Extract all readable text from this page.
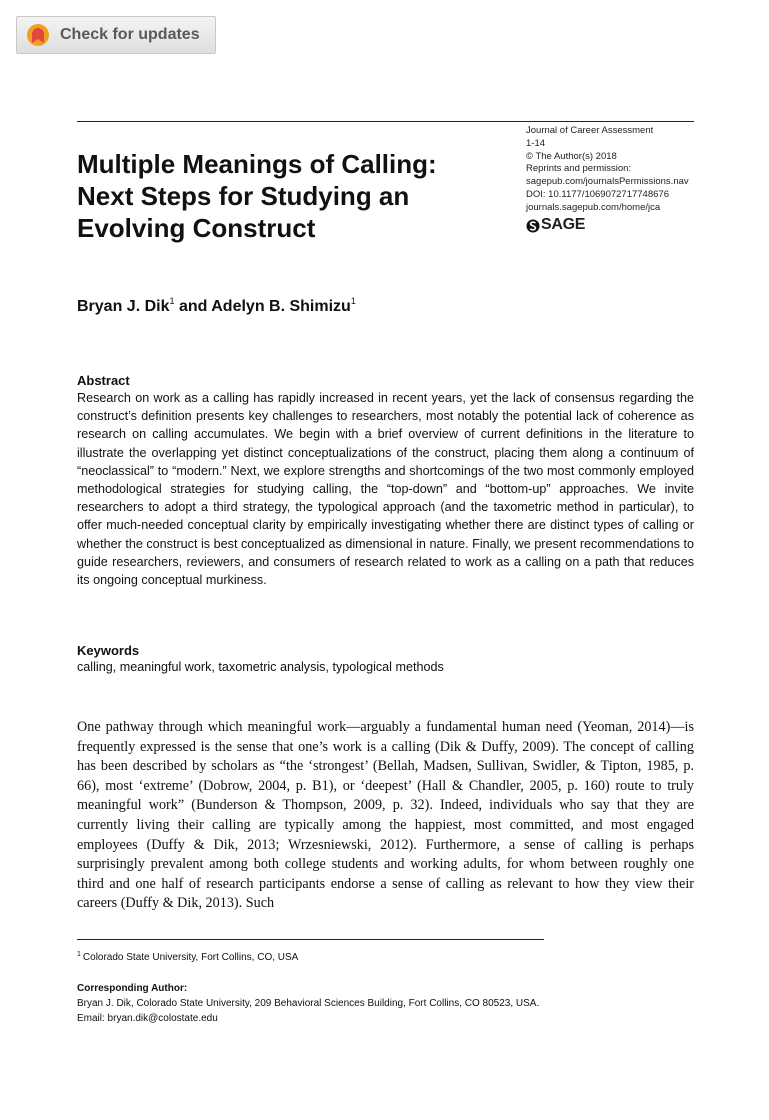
Check for updates
Multiple Meanings of Calling: Next Steps for Studying an Evolving Construct
Journal of Career Assessment
1-14
© The Author(s) 2018
Reprints and permission:
sagepub.com/journalsPermissions.nav
DOI: 10.1177/1069072717748676
journals.sagepub.com/home/jca
SAGE
Bryan J. Dik$^1$ and Adelyn B. Shimizu$^1$
Abstract
Research on work as a calling has rapidly increased in recent years, yet the lack of consensus regarding the construct’s definition presents key challenges to researchers, most notably the potential lack of coherence as research on calling accumulates. We begin with a brief overview of current definitions in the literature to illustrate the overlapping yet distinct conceptualizations of the construct, placing them along a continuum of “neoclassical” to “modern.” Next, we explore strengths and shortcomings of the two most commonly employed methodological strategies for studying calling, the “top-down” and “bottom-up” approaches. We invite researchers to adopt a third strategy, the typological approach (and the taxometric method in particular), to offer much-needed conceptual clarity by empirically investigating whether there are distinct types of calling or whether the construct is best conceptualized as dimensional in nature. Finally, we present recommendations to guide researchers, reviewers, and consumers of research related to work as a calling on a path that reduces its ongoing conceptual murkiness.
Keywords
calling, meaningful work, taxometric analysis, typological methods
One pathway through which meaningful work—arguably a fundamental human need (Yeoman, 2014)—is frequently expressed is the sense that one’s work is a calling (Dik & Duffy, 2009). The concept of calling has been described by scholars as “the ‘strongest’ (Bellah, Madsen, Sullivan, Swidler, & Tipton, 1985, p. 66), most ‘extreme’ (Dobrow, 2004, p. B1), or ‘deepest’ (Hall & Chandler, 2005, p. 160) route to truly meaningful work” (Bunderson & Thompson, 2009, p. 32). Indeed, individuals who say that they are currently living their calling are typically among the happiest, most committed, and most engaged employees (Duffy & Dik, 2013; Wrzesniewski, 2012). Furthermore, a sense of calling is perhaps surprisingly prevalent among both college students and working adults, for whom between roughly one third and one half of research participants endorse a sense of calling as relevant to how they view their careers (Duffy & Dik, 2013). Such
$^1$ Colorado State University, Fort Collins, CO, USA
Corresponding Author:
Bryan J. Dik, Colorado State University, 209 Behavioral Sciences Building, Fort Collins, CO 80523, USA.
Email: bryan.dik@colostate.edu
